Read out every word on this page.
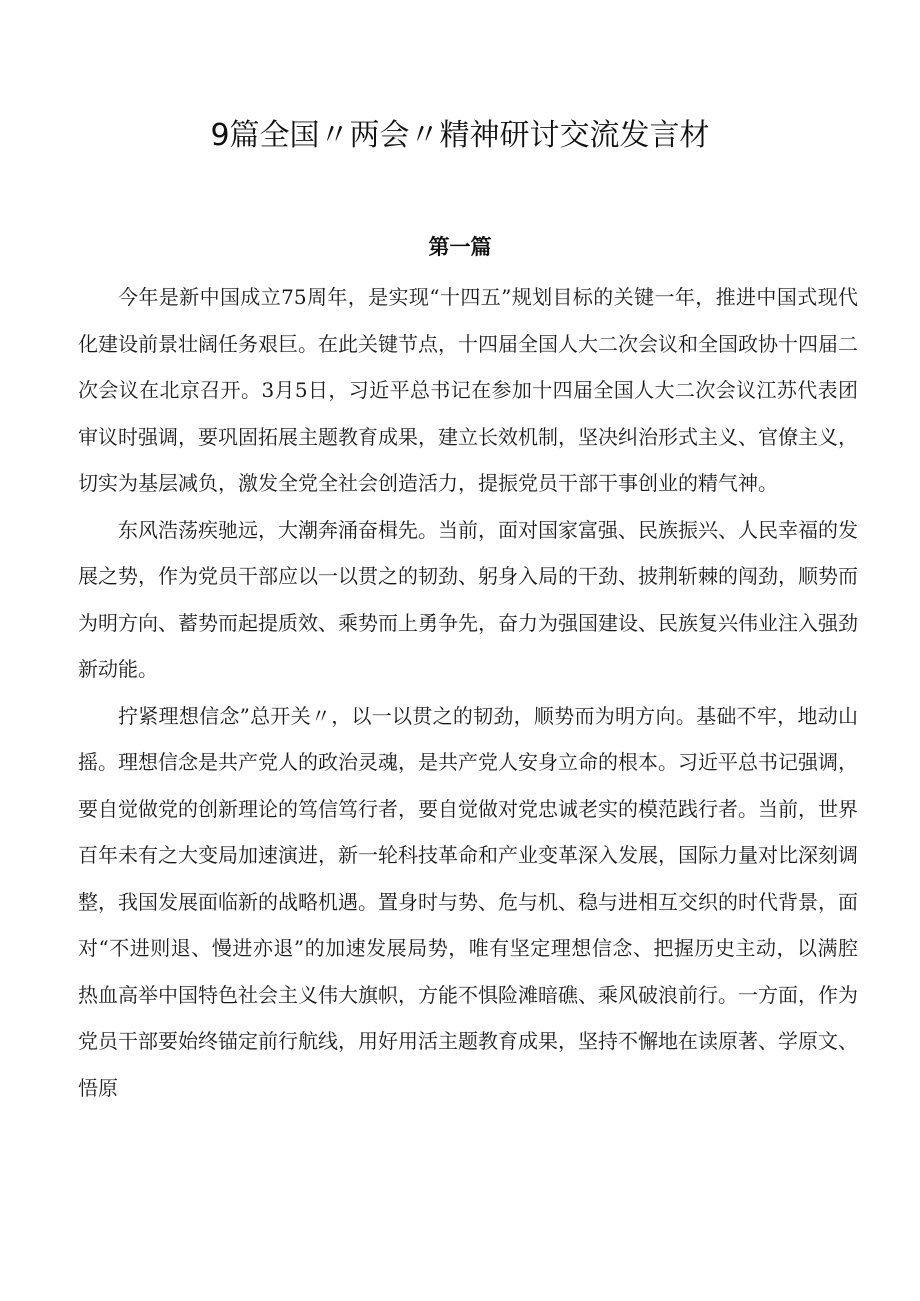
9篇全国〃两会〃精神研讨交流发言材
第一篇

今年是新中国成立75周年，是实现“十四五”规划目标的关键一年，推进中国式现代化建设前景壮阔任务艰巨。在此关键节点，十四届全国人大二次会议和全国政协十四届二次会议在北京召开。3月5日，习近平总书记在参加十四届全国人大二次会议江苏代表团审议时强调，要巩固拓展主题教育成果，建立长效机制，坚决纠治形式主义、官僚主义，切实为基层减负，激发全党全社会创造活力，提振党员干部干事创业的精气神。

东风浩荡疾驰远，大潮奔涌奋楫先。当前，面对国家富强、民族振兴、人民幸福的发展之势，作为党员干部应以一以贯之的韧劲、躬身入局的干劲、披荆斩棘的闯劲，顺势而为明方向、蓄势而起提质效、乘势而上勇争先，奋力为强国建设、民族复兴伟业注入强劲新动能。

拧紧理想信念”总开关〃，以一以贯之的韧劲，顺势而为明方向。基础不牢，地动山摇。理想信念是共产党人的政治灵魂，是共产党人安身立命的根本。习近平总书记强调，要自觉做党的创新理论的笃信笃行者，要自觉做对党忠诚老实的模范践行者。当前，世界百年未有之大变局加速演进，新一轮科技革命和产业变革深入发展，国际力量对比深刻调整，我国发展面临新的战略机遇。置身时与势、危与机、稳与进相互交织的时代背景，面对“不进则退、慢进亦退”的加速发展局势，唯有坚定理想信念、把握历史主动，以满腔热血高举中国特色社会主义伟大旗帜，方能不惧险滩暗礁、乘风破浪前行。一方面，作为党员干部要始终锚定前行航线，用好用活主题教育成果，坚持不懈地在读原著、学原文、悟原
